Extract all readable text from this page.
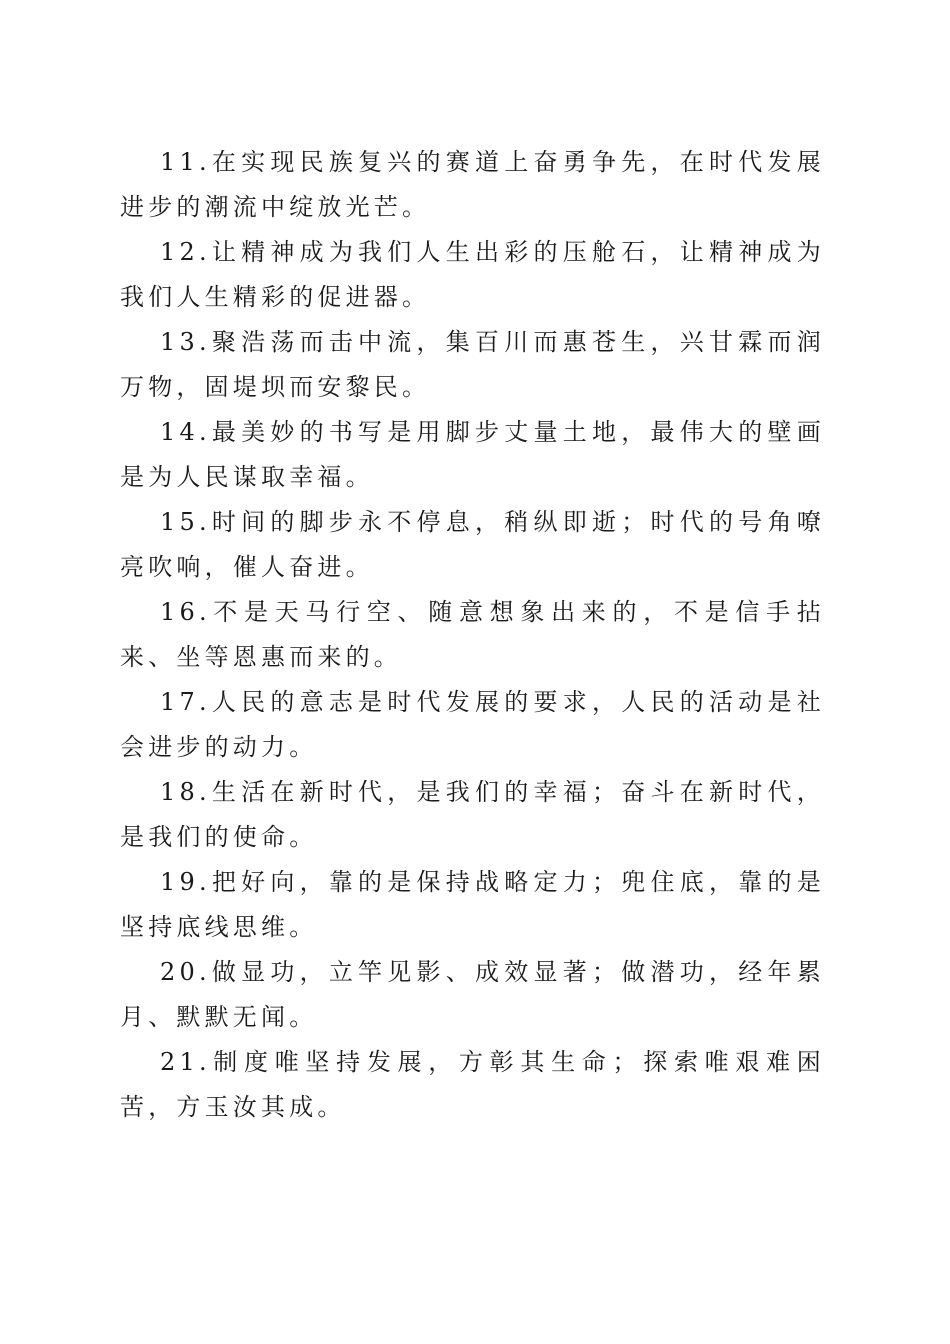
11.在实现民族复兴的赛道上奋勇争先，在时代发展进步的潮流中绽放光芒。

12.让精神成为我们人生出彩的压舱石，让精神成为我们人生精彩的促进器。

13.聚浩荡而击中流，集百川而惠苍生，兴甘霖而润万物，固堤坝而安黎民。

14.最美妙的书写是用脚步丈量土地，最伟大的壁画是为人民谋取幸福。

15.时间的脚步永不停息，稍纵即逝；时代的号角嘹亮吹响，催人奋进。

16.不是天马行空、随意想象出来的，不是信手拈来、坐等恩惠而来的。

17.人民的意志是时代发展的要求，人民的活动是社会进步的动力。

18.生活在新时代，是我们的幸福；奋斗在新时代，是我们的使命。

19.把好向，靠的是保持战略定力；兜住底，靠的是坚持底线思维。

20.做显功，立竿见影、成效显著；做潜功，经年累月、默默无闻。

21.制度唯坚持发展，方彰其生命；探索唯艰难困苦，方玉汝其成。
